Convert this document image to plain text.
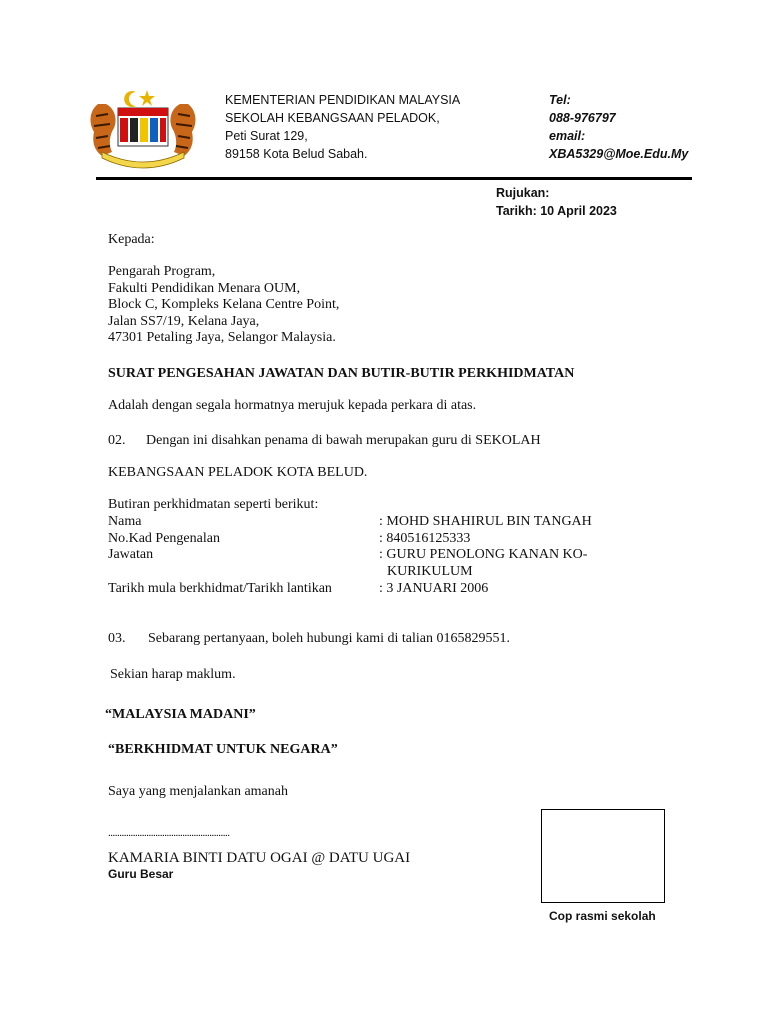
KEMENTERIAN PENDIDIKAN MALAYSIA
SEKOLAH KEBANGSAAN PELADOK,
Peti Surat 129,
89158 Kota Belud Sabah.
Tel:
088-976797
email:
XBA5329@Moe.Edu.My
Rujukan:
Tarikh: 10 April 2023
Kepada:
Pengarah Program,
Fakulti Pendidikan Menara OUM,
Block C, Kompleks Kelana Centre Point,
Jalan SS7/19, Kelana Jaya,
47301 Petaling Jaya, Selangor Malaysia.
SURAT PENGESAHAN JAWATAN DAN BUTIR-BUTIR PERKHIDMATAN
Adalah dengan segala hormatnya merujuk kepada perkara di atas.
02. Dengan ini disahkan penama di bawah merupakan guru di SEKOLAH
KEBANGSAAN PELADOK KOTA BELUD.
Butiran perkhidmatan seperti berikut:
Nama	: MOHD SHAHIRUL BIN TANGAH
No.Kad Pengenalan	: 840516125333
Jawatan	: GURU PENOLONG KANAN KO-
KURIKULUM
Tarikh mula berkhidmat/Tarikh lantikan	: 3 JANUARI 2006
03. Sebarang pertanyaan, boleh hubungi kami di talian 0165829551.
Sekian harap maklum.
“MALAYSIA MADANI”
“BERKHIDMAT UNTUK NEGARA”
Saya yang menjalankan amanah
......................................................
KAMARIA BINTI DATU OGAI @ DATU UGAI
Guru Besar
Cop rasmi sekolah
